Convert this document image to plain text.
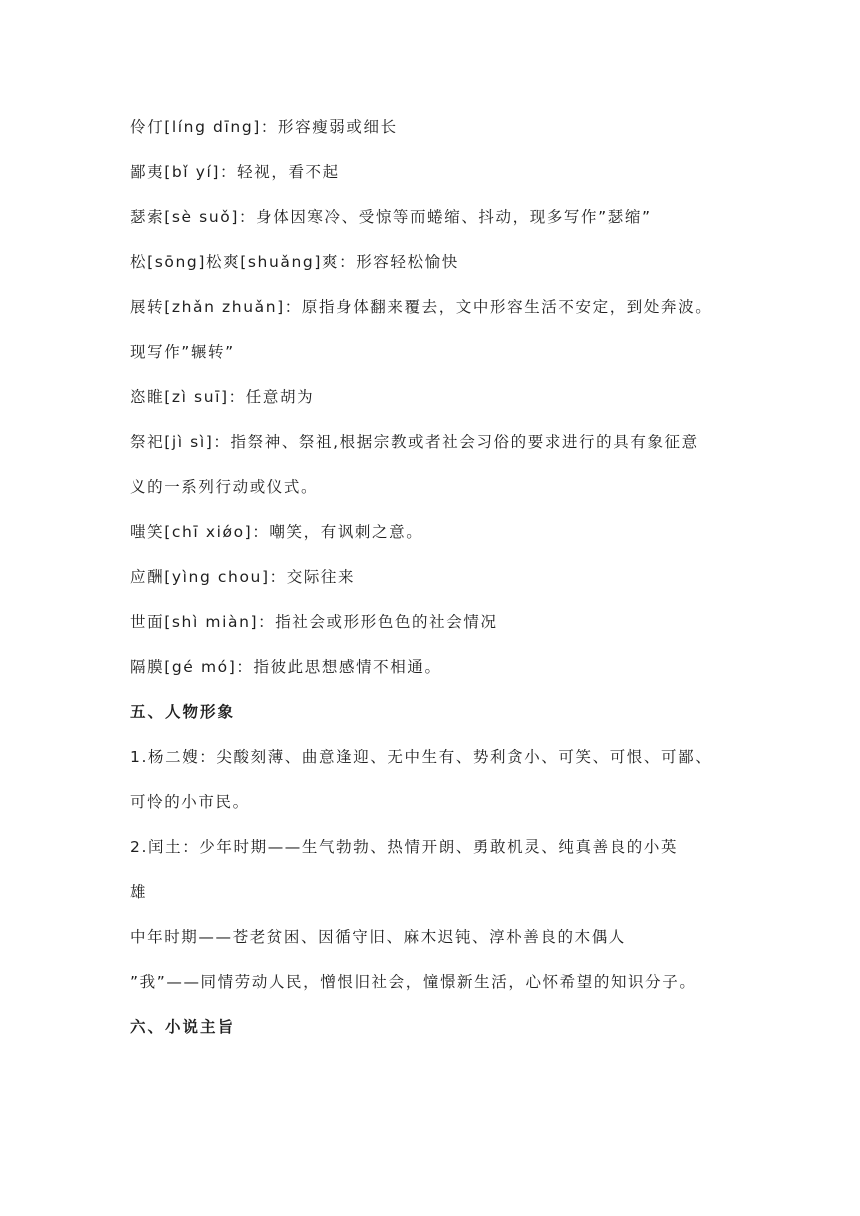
伶仃[líng dīng]：形容瘦弱或细长
鄙夷[bǐ yí]：轻视，看不起
瑟索[sè suǒ]：身体因寒冷、受惊等而蜷缩、抖动，现多写作”瑟缩”
松[sōng]松爽[shuǎng]爽：形容轻松愉快
展转[zhǎn zhuǎn]：原指身体翻来覆去，文中形容生活不安定，到处奔波。
现写作”辗转”
恣睢[zì suī]：任意胡为
祭祀[jì sì]：指祭神、祭祖,根据宗教或者社会习俗的要求进行的具有象征意
义的一系列行动或仪式。
嗤笑[chī xiǿo]：嘲笑，有讽刺之意。
应酬[yìng chou]：交际往来
世面[shì miàn]：指社会或形形色色的社会情况
隔膜[gé mó]：指彼此思想感情不相通。
五、人物形象
1.杨二嫂：尖酸刻薄、曲意逢迎、无中生有、势利贪小、可笑、可恨、可鄙、
可怜的小市民。
2.闰土：少年时期——生气勃勃、热情开朗、勇敢机灵、纯真善良的小英
雄
中年时期——苍老贫困、因循守旧、麻木迟钝、淳朴善良的木偶人
”我”——同情劳动人民，憎恨旧社会，憧憬新生活，心怀希望的知识分子。
六、小说主旨
